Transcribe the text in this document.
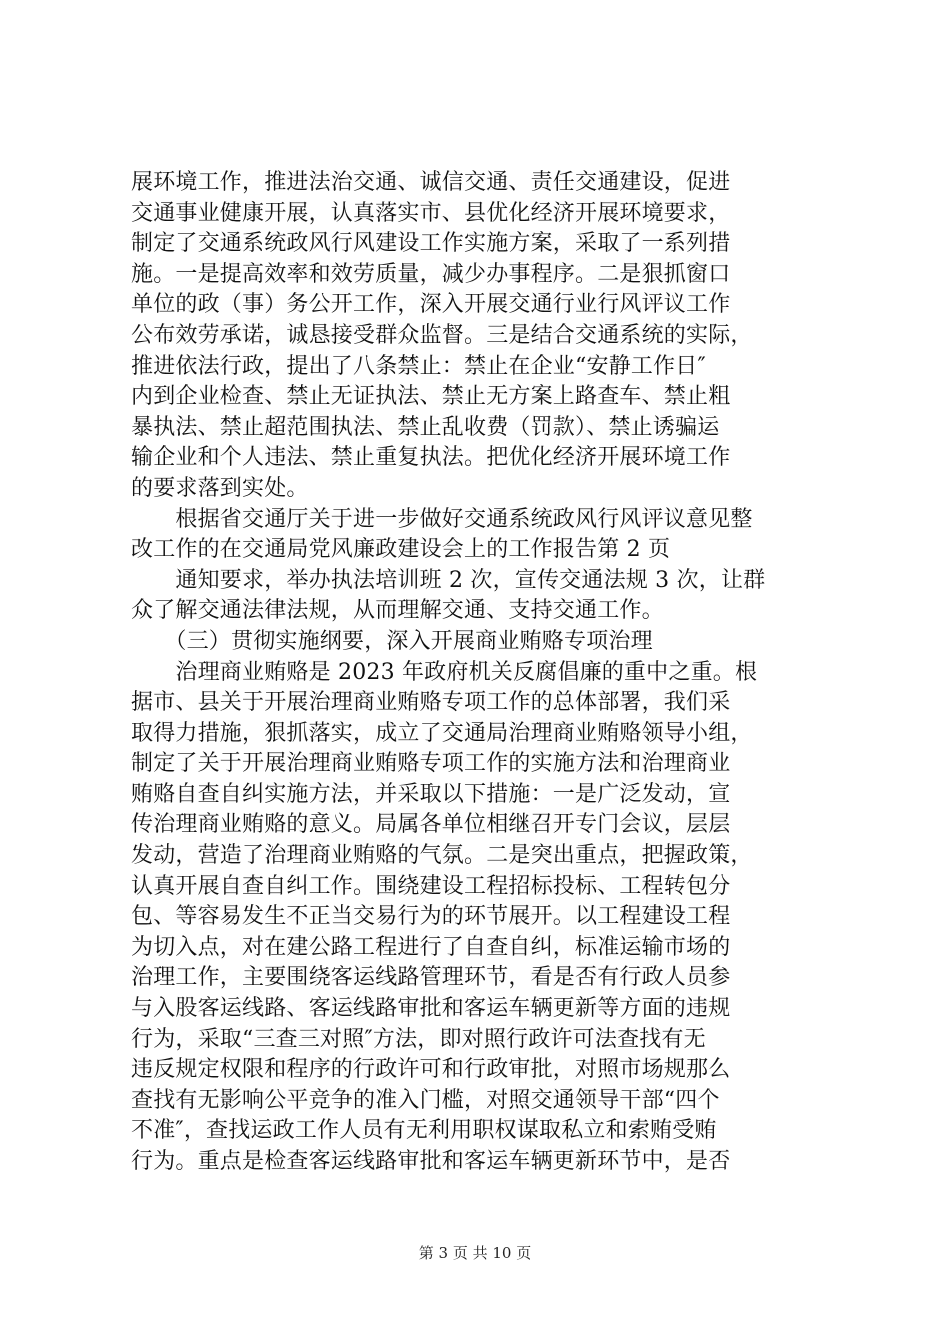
展环境工作，推进法治交通、诚信交通、责任交通建设，促进
交通事业健康开展，认真落实市、县优化经济开展环境要求，
制定了交通系统政风行风建设工作实施方案，采取了一系列措
施。一是提高效率和效劳质量，减少办事程序。二是狠抓窗口
单位的政（事）务公开工作，深入开展交通行业行风评议工作
公布效劳承诺，诚恳接受群众监督。三是结合交通系统的实际，
推进依法行政，提出了八条禁止：禁止在企业“安静工作日″
内到企业检查、禁止无证执法、禁止无方案上路查车、禁止粗
暴执法、禁止超范围执法、禁止乱收费（罚款）、禁止诱骗运
输企业和个人违法、禁止重复执法。把优化经济开展环境工作
的要求落到实处。
　　根据省交通厅关于进一步做好交通系统政风行风评议意见整
改工作的在交通局党风廉政建设会上的工作报告第 2 页
　　通知要求，举办执法培训班 2 次，宣传交通法规 3 次，让群
众了解交通法律法规，从而理解交通、支持交通工作。
　　（三）贯彻实施纲要，深入开展商业贿赂专项治理
　　治理商业贿赂是 2023 年政府机关反腐倡廉的重中之重。根
据市、县关于开展治理商业贿赂专项工作的总体部署，我们采
取得力措施，狠抓落实，成立了交通局治理商业贿赂领导小组，
制定了关于开展治理商业贿赂专项工作的实施方法和治理商业
贿赂自查自纠实施方法，并采取以下措施：一是广泛发动，宣
传治理商业贿赂的意义。局属各单位相继召开专门会议，层层
发动，营造了治理商业贿赂的气氛。二是突出重点，把握政策，
认真开展自查自纠工作。围绕建设工程招标投标、工程转包分
包、等容易发生不正当交易行为的环节展开。以工程建设工程
为切入点，对在建公路工程进行了自查自纠，标准运输市场的
治理工作，主要围绕客运线路管理环节，看是否有行政人员参
与入股客运线路、客运线路审批和客运车辆更新等方面的违规
行为，采取“三查三对照″方法，即对照行政许可法查找有无
违反规定权限和程序的行政许可和行政审批，对照市场规那么
查找有无影响公平竞争的准入门槛，对照交通领导干部“四个
不准″，查找运政工作人员有无利用职权谋取私立和索贿受贿
行为。重点是检查客运线路审批和客运车辆更新环节中，是否
第 3 页 共 10 页
